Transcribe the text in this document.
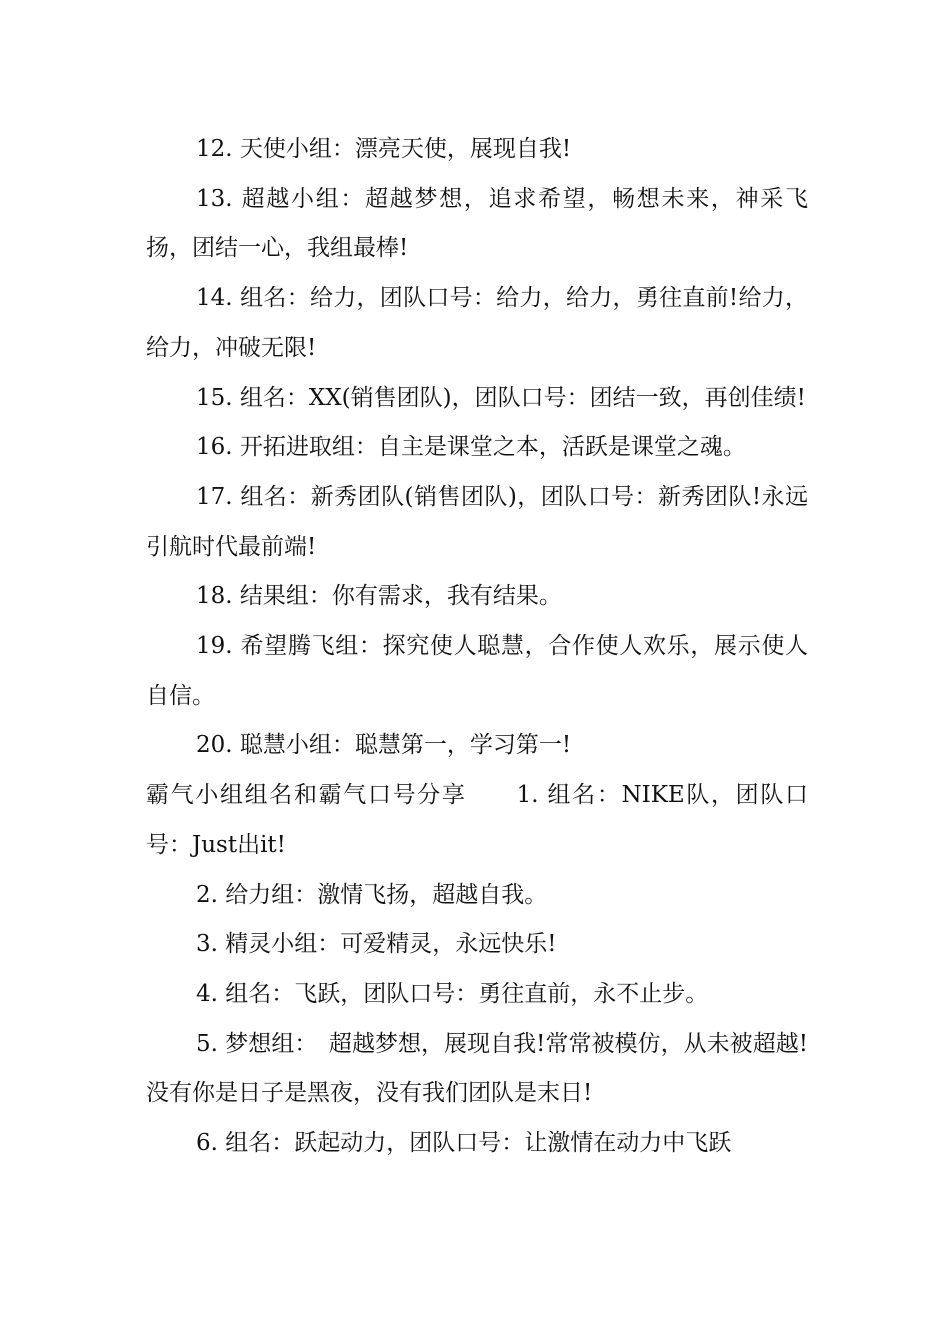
12. 天使小组：漂亮天使，展现自我!

13. 超越小组：超越梦想，追求希望，畅想未来，神采飞扬，团结一心，我组最棒!

14. 组名：给力，团队口号：给力，给力，勇往直前!给力，给力，冲破无限!

15. 组名：XX(销售团队)，团队口号：团结一致，再创佳绩!

16. 开拓进取组：自主是课堂之本，活跃是课堂之魂。

17. 组名：新秀团队(销售团队)，团队口号：新秀团队!永远引航时代最前端!

18. 结果组：你有需求，我有结果。

19. 希望腾飞组：探究使人聪慧，合作使人欢乐，展示使人自信。

20. 聪慧小组：聪慧第一，学习第一!

霸气小组组名和霸气口号分享 1. 组名：NIKE队，团队口号：Just出it!

2. 给力组：激情飞扬，超越自我。

3. 精灵小组：可爱精灵，永远快乐!

4. 组名：飞跃，团队口号：勇往直前，永不止步。

5. 梦想组：　超越梦想，展现自我!常常被模仿，从未被超越!没有你是日子是黑夜，没有我们团队是末日!

6. 组名：跃起动力，团队口号：让激情在动力中飞跃
